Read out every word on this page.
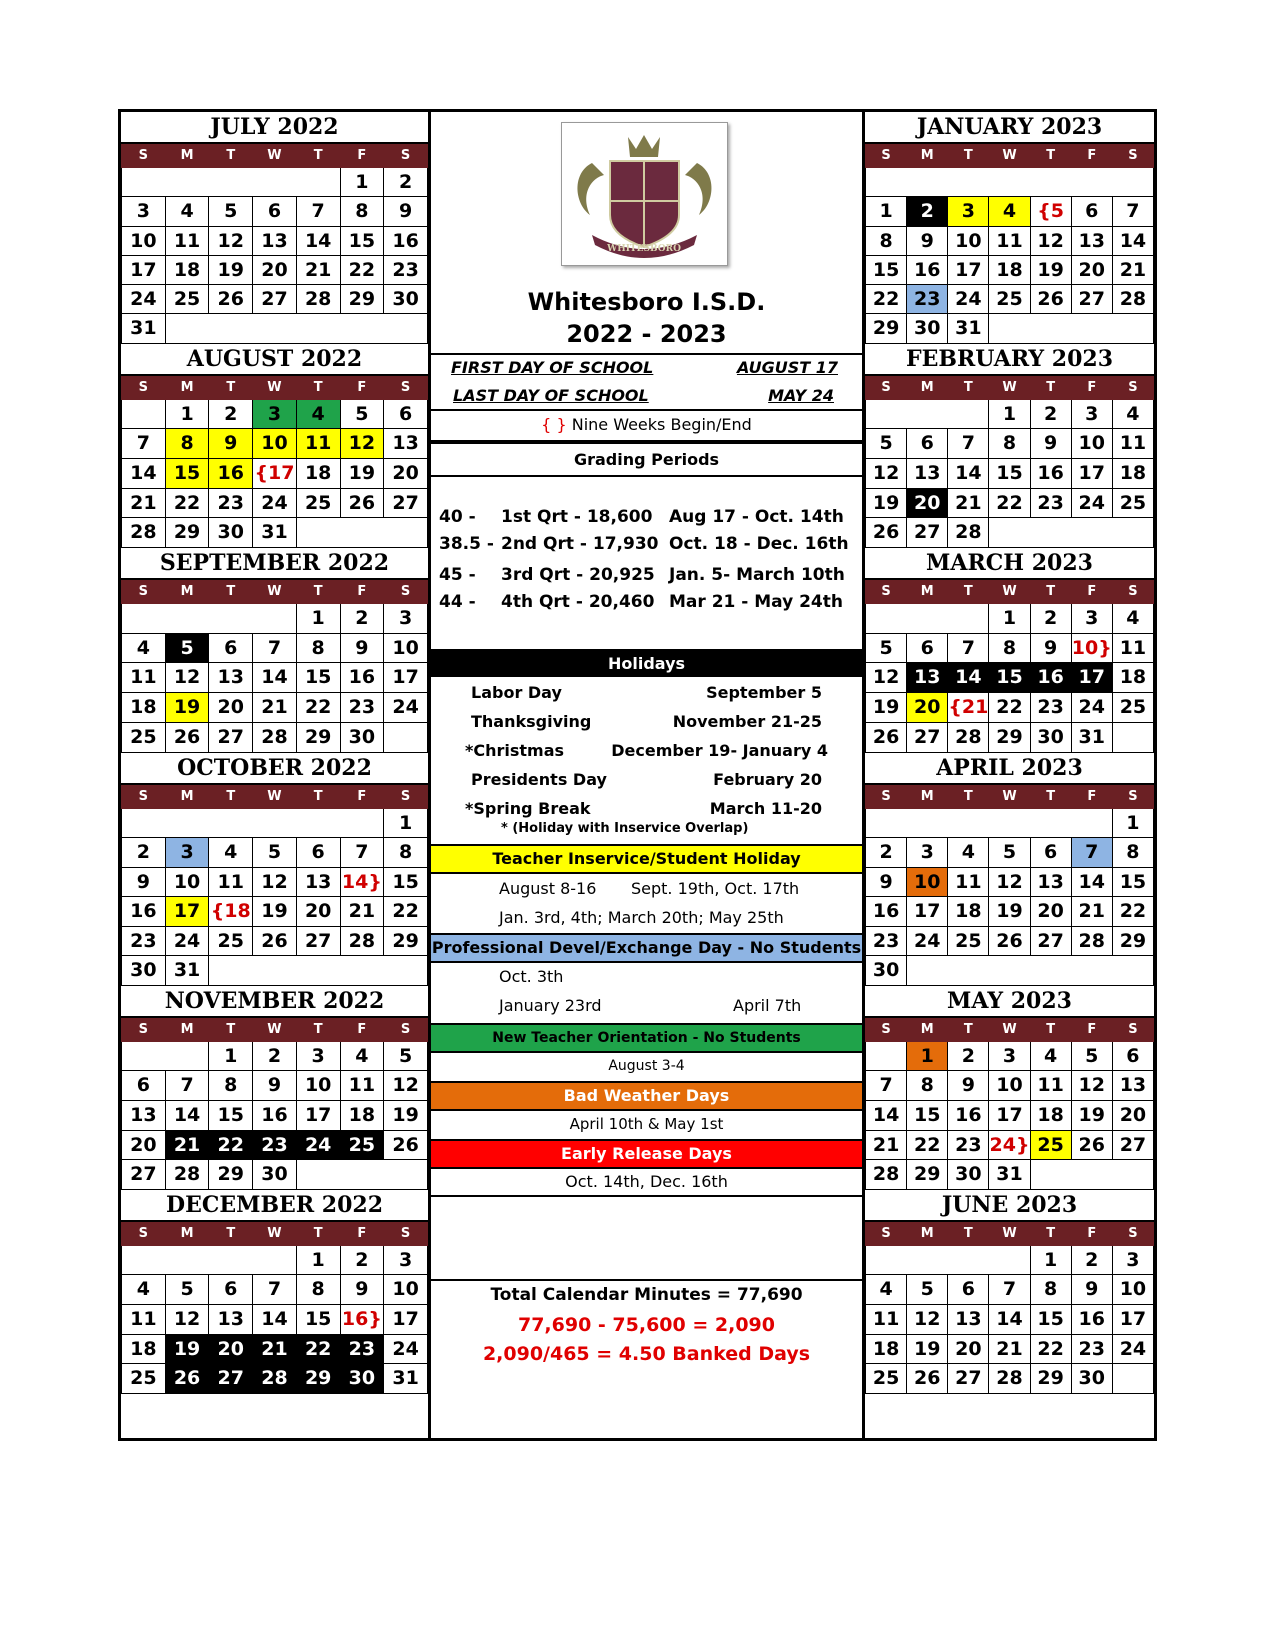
JULY 2022
S	M	T	W	T	F	S
					1	2
3	4	5	6	7	8	9
10	11	12	13	14	15	16
17	18	19	20	21	22	23
24	25	26	27	28	29	30
31						
AUGUST 2022
S	M	T	W	T	F	S
	1	2	3	4	5	6
7	8	9	10	11	12	13
14	15	16	{17	18	19	20
21	22	23	24	25	26	27
28	29	30	31			
SEPTEMBER 2022
S	M	T	W	T	F	S
				1	2	3
4	5	6	7	8	9	10
11	12	13	14	15	16	17
18	19	20	21	22	23	24
25	26	27	28	29	30	
OCTOBER 2022
S	M	T	W	T	F	S
						1
2	3	4	5	6	7	8
9	10	11	12	13	14}	15
16	17	{18	19	20	21	22
23	24	25	26	27	28	29
30	31					
NOVEMBER 2022
S	M	T	W	T	F	S
		1	2	3	4	5
6	7	8	9	10	11	12
13	14	15	16	17	18	19
20	21	22	23	24	25	26
27	28	29	30			
DECEMBER 2022
S	M	T	W	T	F	S
				1	2	3
4	5	6	7	8	9	10
11	12	13	14	15	16}	17
18	19	20	21	22	23	24
25	26	27	28	29	30	31
WHITESBORO
Whitesboro I.S.D.
2022 - 2023
FIRST DAY OF SCHOOL	AUGUST 17
LAST DAY OF SCHOOL	MAY 24
{ } Nine Weeks Begin/End
Grading Periods
40 - 1st Qrt - 18,600 Aug 17 - Oct. 14th
38.5 - 2nd Qrt - 17,930 Oct. 18 - Dec. 16th
45 - 3rd Qrt - 20,925 Jan. 5- March 10th
44 - 4th Qrt - 20,460 Mar 21 - May 24th
Holidays
* (Holiday with Inservice Overlap)
Labor Day	September 5
Thanksgiving	November 21-25
*Christmas	December 19- January 4
Presidents Day	February 20
*Spring Break	March 11-20
Teacher Inservice/Student Holiday
August 8-16 Sept. 19th, Oct. 17th
Jan. 3rd, 4th; March 20th; May 25th
Professional Devel/Exchange Day - No Students
Oct. 3th
January 23rd	April 7th
New Teacher Orientation - No Students
August 3-4
Bad Weather Days
April 10th & May 1st
Early Release Days
Oct. 14th, Dec. 16th
Total Calendar Minutes = 77,690
77,690 - 75,600 = 2,090
2,090/465 = 4.50 Banked Days
JANUARY 2023
S	M	T	W	T	F	S

1	2	3	4	{5	6	7
8	9	10	11	12	13	14
15	16	17	18	19	20	21
22	23	24	25	26	27	28
29	30	31				
FEBRUARY 2023
S	M	T	W	T	F	S
			1	2	3	4
5	6	7	8	9	10	11
12	13	14	15	16	17	18
19	20	21	22	23	24	25
26	27	28				
MARCH 2023
S	M	T	W	T	F	S
			1	2	3	4
5	6	7	8	9	10}	11
12	13	14	15	16	17	18
19	20	{21	22	23	24	25
26	27	28	29	30	31	
APRIL 2023
S	M	T	W	T	F	S
						1
2	3	4	5	6	7	8
9	10	11	12	13	14	15
16	17	18	19	20	21	22
23	24	25	26	27	28	29
30						
MAY 2023
S	M	T	W	T	F	S
	1	2	3	4	5	6
7	8	9	10	11	12	13
14	15	16	17	18	19	20
21	22	23	24}	25	26	27
28	29	30	31			
JUNE 2023
S	M	T	W	T	F	S
				1	2	3
4	5	6	7	8	9	10
11	12	13	14	15	16	17
18	19	20	21	22	23	24
25	26	27	28	29	30	
